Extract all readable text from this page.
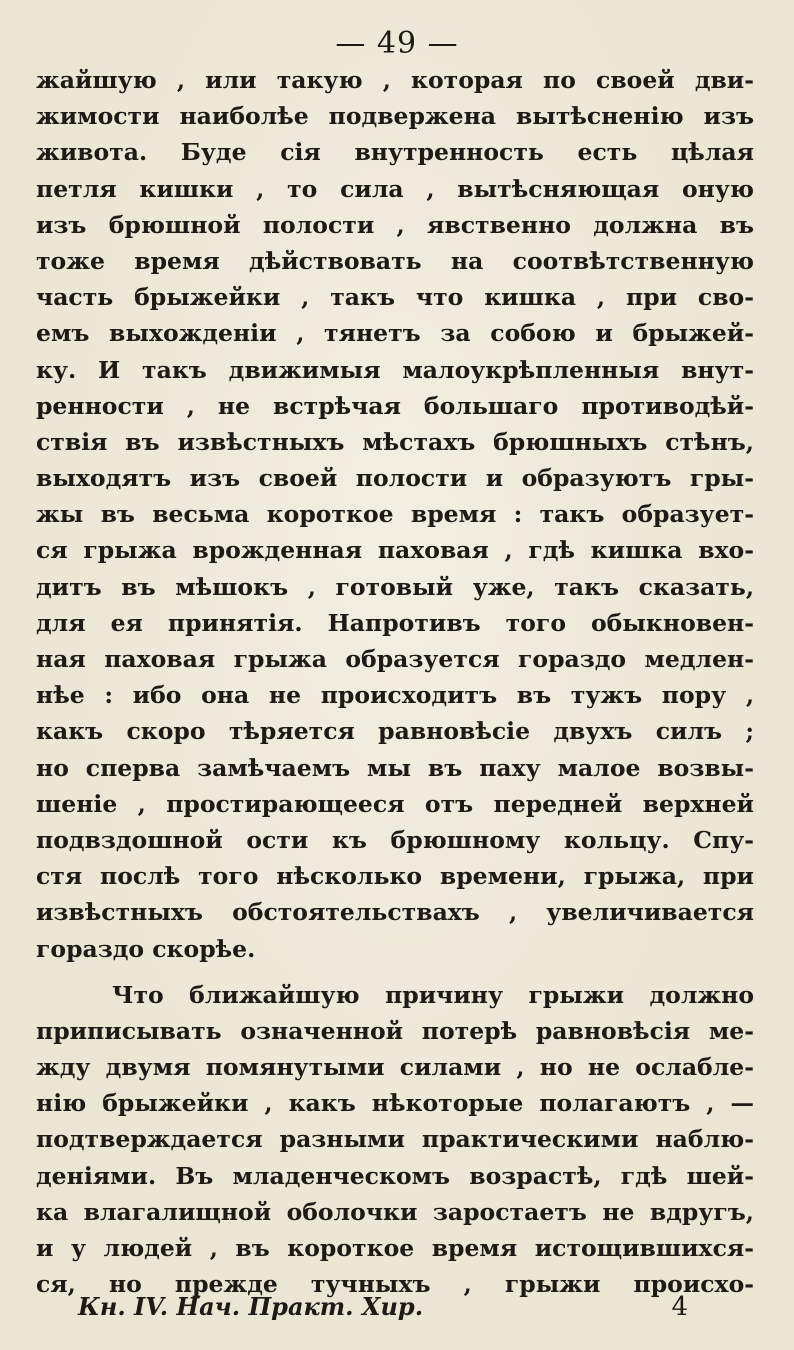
— 49 —
жайшую , или такую , которая по своей дви-
жимости наиболѣе подвержена вытѣсненію изъ
живота. Буде сія внутренность есть цѣлая
петля кишки , то сила , вытѣсняющая оную
изъ брюшной полости , явственно должна въ
тоже время дѣйствовать на соотвѣтственную
часть брыжейки , такъ что кишка , при сво-
емъ выхожденіи , тянетъ за собою и брыжей-
ку. И такъ движимыя малоукрѣпленныя внут-
ренности , не встрѣчая большаго противодѣй-
ствія въ извѣстныхъ мѣстахъ брюшныхъ стѣнъ,
выходятъ изъ своей полости и образуютъ гры-
жы въ весьма короткое время : такъ образует-
ся грыжа врожденная паховая , гдѣ кишка вхо-
дитъ въ мѣшокъ , готовый уже, такъ сказать,
для ея принятія. Напротивъ того обыкновен-
ная паховая грыжа образуется гораздо медлен-
нѣе : ибо она не происходитъ въ тужъ пору ,
какъ скоро тѣряется равновѣсіе двухъ силъ ;
но сперва замѣчаемъ мы въ паху малое возвы-
шеніе , простирающееся отъ передней верхней
подвздошной ости къ брюшному кольцу. Спу-
стя послѣ того нѣсколько времени, грыжа, при
извѣстныхъ обстоятельствахъ , увеличивается
гораздо скорѣе.
Что ближайшую причину грыжи должно
приписывать означенной потерѣ равновѣсія ме-
жду двумя помянутыми силами , но не ослабле-
нію брыжейки , какъ нѣкоторые полагаютъ , —
подтверждается разными практическими наблю-
деніями. Въ младенческомъ возрастѣ, гдѣ шей-
ка влагалищной оболочки заростаетъ не вдругъ,
и у людей , въ короткое время истощившихся-
ся, но прежде тучныхъ , грыжи происхо-
Кн. IV. Нач. Практ. Хир.	4
